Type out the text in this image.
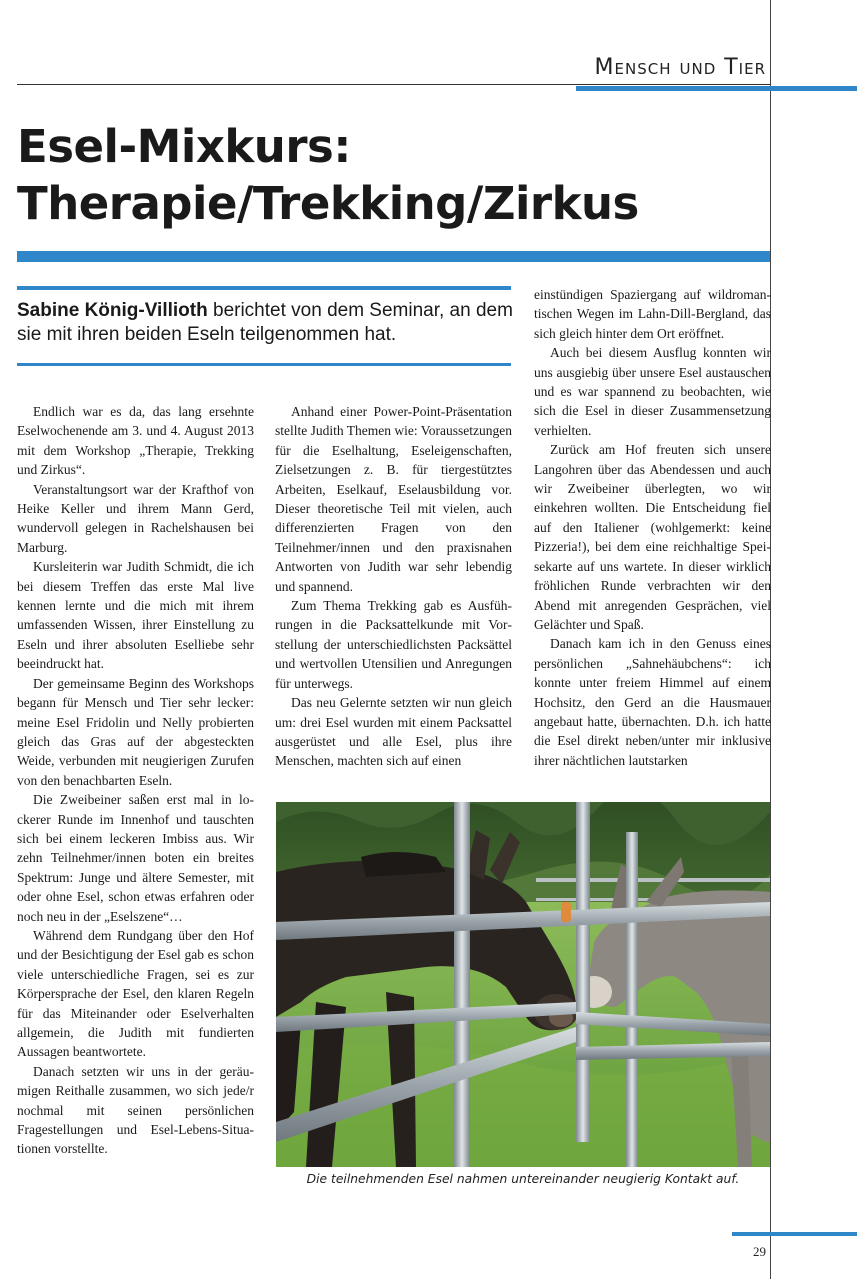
Mensch und Tier
Esel-Mixkurs:
Therapie/Trekking/Zirkus

Sabine König-Villioth berichtet von dem Seminar, an dem sie mit ihren beiden Eseln teilgenommen hat.

Endlich war es da, das lang ersehnte Eselwochenende am 3. und 4. August 2013 mit dem Workshop „Therapie, Trekking und Zirkus“.

Veranstaltungsort war der Krafthof von Heike Keller und ihrem Mann Gerd, wundervoll gelegen in Rachelshausen bei Marburg.

Kursleiterin war Judith Schmidt, die ich bei diesem Treffen das erste Mal live kennen lernte und die mich mit ihrem umfassenden Wissen, ihrer Einstellung zu Eseln und ihrer absoluten Eselliebe sehr beeindruckt hat.

Der gemeinsame Beginn des Workshops begann für Mensch und Tier sehr lecker: meine Esel Fridolin und Nelly probierten gleich das Gras auf der abgesteckten Weide, verbunden mit neugierigen Zurufen von den benachbarten Eseln.

Die Zweibeiner saßen erst mal in lockerer Runde im Innenhof und tauschten sich bei einem leckeren Imbiss aus. Wir zehn Teilnehmer/innen boten ein breites Spektrum: Junge und ältere Semester, mit oder ohne Esel, schon etwas erfahren oder noch neu in der „Eselszene“…

Während dem Rundgang über den Hof und der Besichtigung der Esel gab es schon viele unterschiedliche Fragen, sei es zur Körpersprache der Esel, den klaren Regeln für das Miteinander oder Eselverhalten allgemein, die Judith mit fundierten Aussagen beantwortete.

Danach setzten wir uns in der geräumigen Reithalle zusammen, wo sich jede/r nochmal mit seinen persönlichen Fragestellungen und Esel-Lebens-Situationen vorstellte.

Anhand einer Power-Point-Präsentation stellte Judith Themen wie: Voraussetzungen für die Eselhaltung, Eseleigenschaften, Zielsetzungen z. B. für tiergestütztes Arbeiten, Eselkauf, Eselausbildung vor. Dieser theoretische Teil mit vielen, auch differenzierten Fragen von den Teilnehmer/innen und den praxisnahen Antworten von Judith war sehr lebendig und spannend.

Zum Thema Trekking gab es Ausführungen in die Packsattelkunde mit Vorstellung der unterschiedlichsten Packsättel und wertvollen Utensilien und Anregungen für unterwegs.

Das neu Gelernte setzten wir nun gleich um: drei Esel wurden mit einem Packsattel ausgerüstet und alle Esel, plus ihre Menschen, machten sich auf einen

einstündigen Spaziergang auf wildromantischen Wegen im Lahn-Dill-Bergland, das sich gleich hinter dem Ort eröffnet.

Auch bei diesem Ausflug konnten wir uns ausgiebig über unsere Esel austauschen und es war spannend zu beobachten, wie sich die Esel in dieser Zusammensetzung verhielten.

Zurück am Hof freuten sich unsere Langohren über das Abendessen und auch wir Zweibeiner überlegten, wo wir einkehren wollten. Die Entscheidung fiel auf den Italiener (wohlgemerkt: keine Pizzeria!), bei dem eine reichhaltige Speisekarte auf uns wartete. In dieser wirklich fröhlichen Runde verbrachten wir den Abend mit anregenden Gesprächen, viel Gelächter und Spaß.

Danach kam ich in den Genuss eines persönlichen „Sahnehäubchens“: ich konnte unter freiem Himmel auf einem Hochsitz, den Gerd an die Hausmauer angebaut hatte, übernachten. D.h. ich hatte die Esel direkt neben/unter mir inklusive ihrer nächtlichen lautstarken

Die teilnehmenden Esel nahmen untereinander neugierig Kontakt auf.

29
